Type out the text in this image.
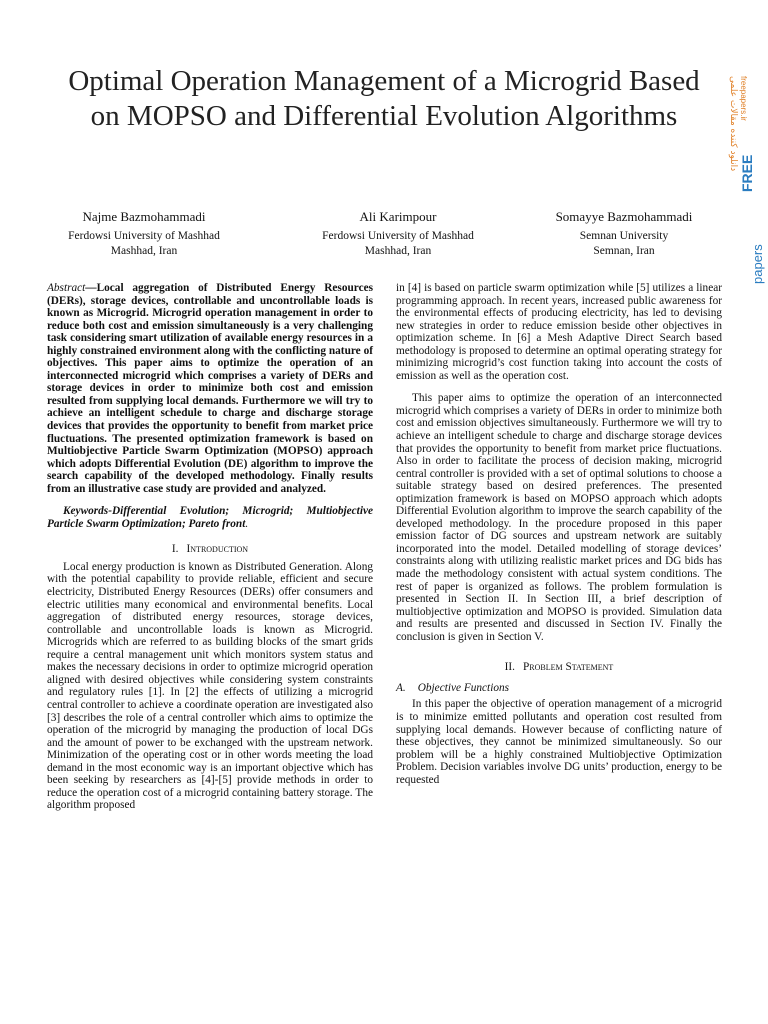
Optimal Operation Management of a Microgrid Based on MOPSO and Differential Evolution Algorithms	دانلود کننده مقالات علمی freepapers.ir
FREE
papers
Najme Bazmohammadi
Ferdowsi University of Mashhad
Mashhad, Iran
Ali Karimpour
Ferdowsi University of Mashhad
Mashhad, Iran
Somayye Bazmohammadi
Semnan University
Semnan, Iran

Abstract—Local aggregation of Distributed Energy Resources (DERs), storage devices, controllable and uncontrollable loads is known as Microgrid. Microgrid operation management in order to reduce both cost and emission simultaneously is a very challenging task considering smart utilization of available energy resources in a highly constrained environment along with the conflicting nature of objectives. This paper aims to optimize the operation of an interconnected microgrid which comprises a variety of DERs and storage devices in order to minimize both cost and emission resulted from supplying local demands. Furthermore we will try to achieve an intelligent schedule to charge and discharge storage devices that provides the opportunity to benefit from market price fluctuations. The presented optimization framework is based on Multiobjective Particle Swarm Optimization (MOPSO) approach which adopts Differential Evolution (DE) algorithm to improve the search capability of the developed methodology. Finally results from an illustrative case study are provided and analyzed.

Keywords-Differential Evolution; Microgrid; Multiobjective Particle Swarm Optimization; Pareto front.

I. Introduction

Local energy production is known as Distributed Generation. Along with the potential capability to provide reliable, efficient and secure electricity, Distributed Energy Resources (DERs) offer consumers and electric utilities many economical and environmental benefits. Local aggregation of distributed energy resources, storage devices, controllable and uncontrollable loads is known as Microgrid. Microgrids which are referred to as building blocks of the smart grids require a central management unit which monitors system status and makes the necessary decisions in order to optimize microgrid operation aligned with desired objectives while considering system constraints and regulatory rules [1]. In [2] the effects of utilizing a microgrid central controller to achieve a coordinate operation are investigated also [3] describes the role of a central controller which aims to optimize the operation of the microgrid by managing the production of local DGs and the amount of power to be exchanged with the upstream network. Minimization of the operating cost or in other words meeting the load demand in the most economic way is an important objective which has been seeking by researchers as [4]-[5] provide methods in order to reduce the operation cost of a microgrid containing battery storage. The algorithm proposed

in [4] is based on particle swarm optimization while [5] utilizes a linear programming approach. In recent years, increased public awareness for the environmental effects of producing electricity, has led to devising new strategies in order to reduce emission beside other objectives in optimization scheme. In [6] a Mesh Adaptive Direct Search based methodology is proposed to determine an optimal operating strategy for minimizing microgrid’s cost function taking into account the costs of emission as well as the operation cost.

This paper aims to optimize the operation of an interconnected microgrid which comprises a variety of DERs in order to minimize both cost and emission objectives simultaneously. Furthermore we will try to achieve an intelligent schedule to charge and discharge storage devices that provides the opportunity to benefit from market price fluctuations. Also in order to facilitate the process of decision making, microgrid central controller is provided with a set of optimal solutions to choose a suitable strategy based on desired preferences. The presented optimization framework is based on MOPSO approach which adopts Differential Evolution algorithm to improve the search capability of the developed methodology. In the procedure proposed in this paper emission factor of DG sources and upstream network are suitably incorporated into the model. Detailed modelling of storage devices’ constraints along with utilizing realistic market prices and DG bids has made the methodology consistent with actual system conditions. The rest of paper is organized as follows. The problem formulation is presented in Section II. In Section III, a brief description of multiobjective optimization and MOPSO is provided. Simulation data and results are presented and discussed in Section IV. Finally the conclusion is given in Section V.

II. Problem Statement

A. Objective Functions

In this paper the objective of operation management of a microgrid is to minimize emitted pollutants and operation cost resulted from supplying local demands. However because of conflicting nature of these objectives, they cannot be minimized simultaneously. So our problem will be a highly constrained Multiobjective Optimization Problem. Decision variables involve DG units’ production, energy to be requested
